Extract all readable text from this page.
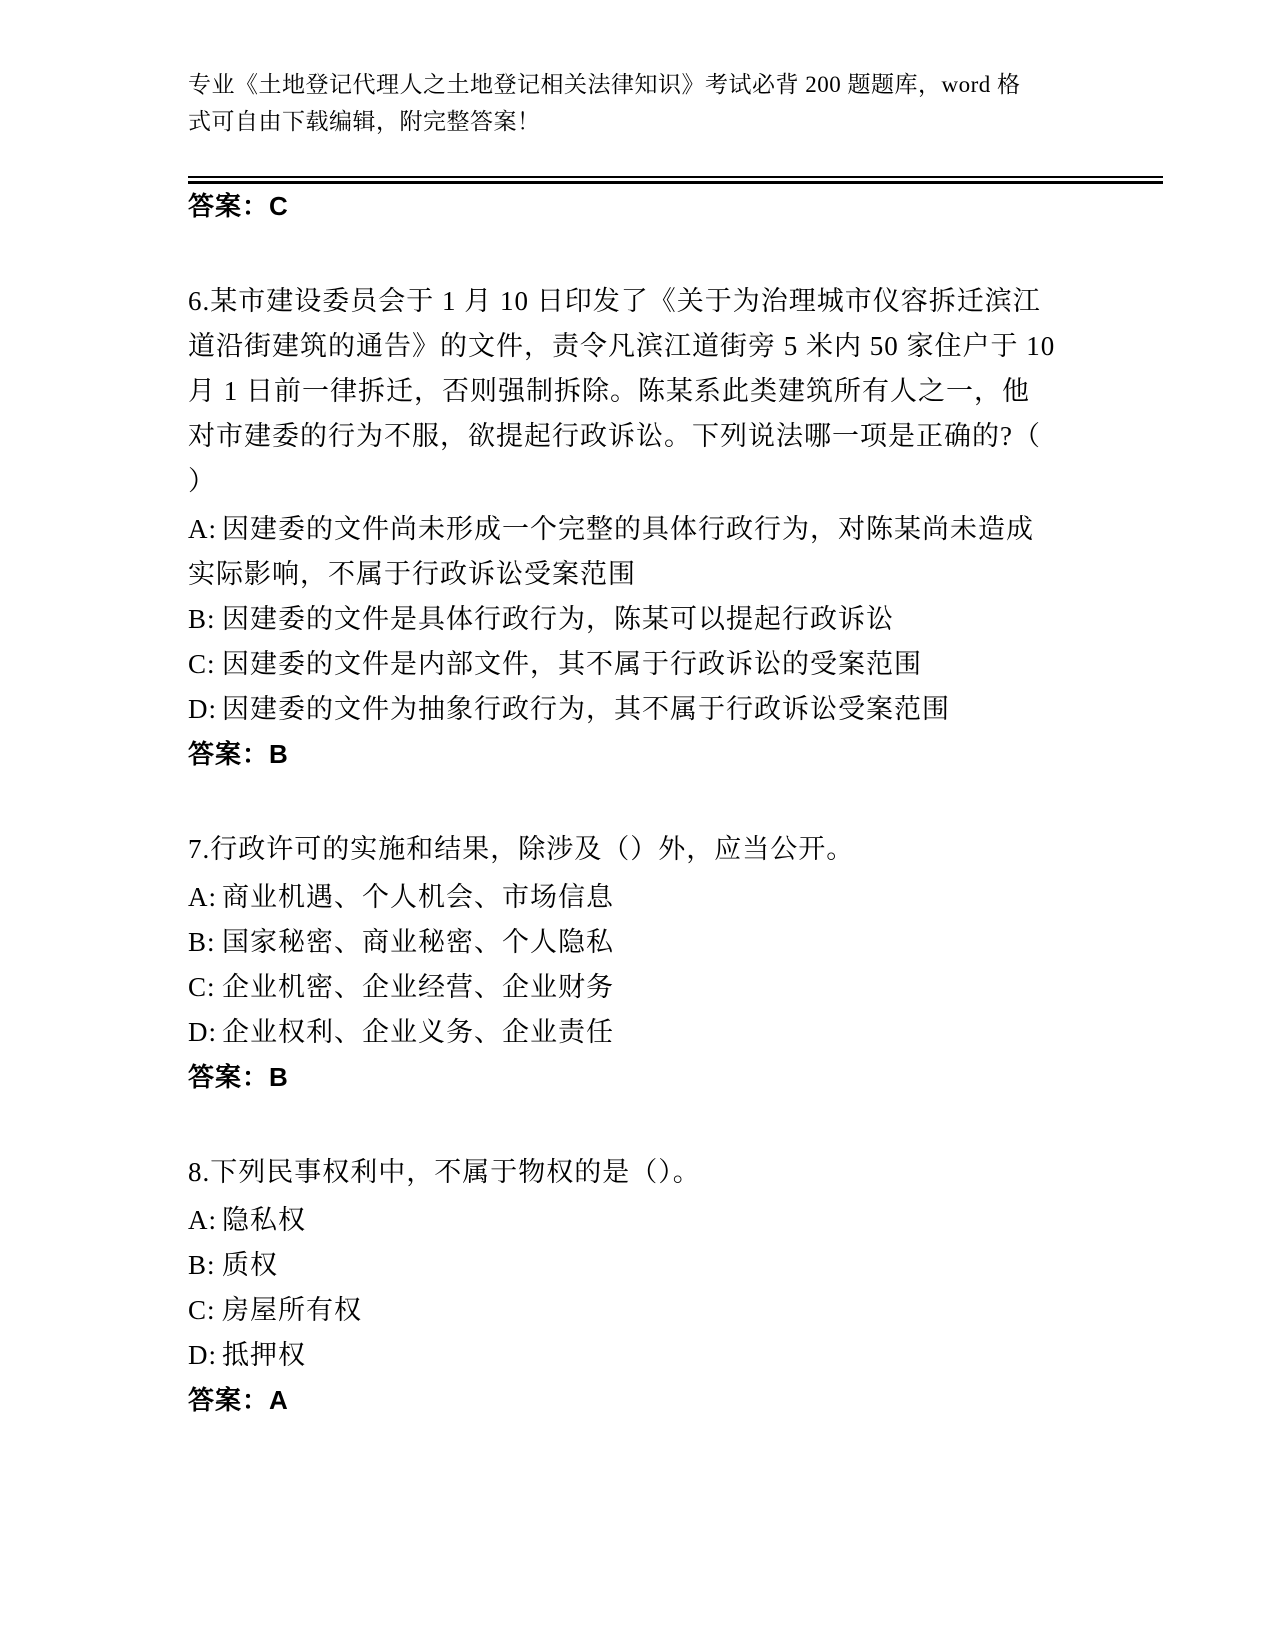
专业《土地登记代理人之土地登记相关法律知识》考试必背 200 题题库，word 格
式可自由下载编辑，附完整答案！
答案：C
6.某市建设委员会于 1 月 10 日印发了《关于为治理城市仪容拆迁滨江
道沿街建筑的通告》的文件，责令凡滨江道街旁 5 米内 50 家住户于 10
月 1 日前一律拆迁，否则强制拆除。陈某系此类建筑所有人之一，他
对市建委的行为不服，欲提起行政诉讼。下列说法哪一项是正确的?（
）
A: 因建委的文件尚未形成一个完整的具体行政行为，对陈某尚未造成
实际影响，不属于行政诉讼受案范围
B: 因建委的文件是具体行政行为，陈某可以提起行政诉讼
C: 因建委的文件是内部文件，其不属于行政诉讼的受案范围
D: 因建委的文件为抽象行政行为，其不属于行政诉讼受案范围
答案：B
7.行政许可的实施和结果，除涉及（）外，应当公开。
A: 商业机遇、个人机会、市场信息
B: 国家秘密、商业秘密、个人隐私
C: 企业机密、企业经营、企业财务
D: 企业权利、企业义务、企业责任
答案：B
8.下列民事权利中，不属于物权的是（）。
A: 隐私权
B: 质权
C: 房屋所有权
D: 抵押权
答案：A
